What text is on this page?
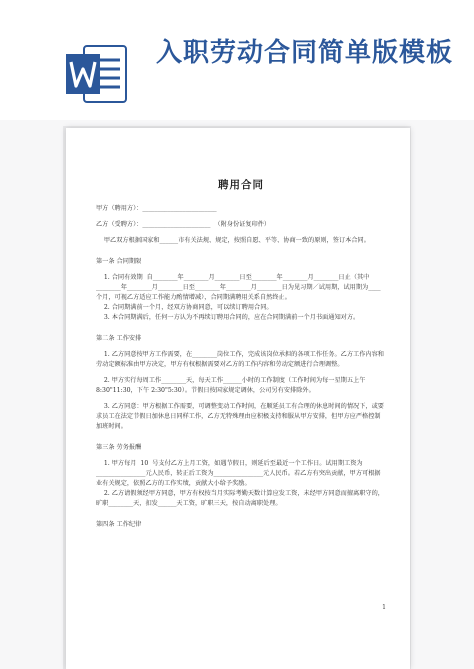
入职劳动合同简单版模板
聘用合同

甲方（聘用方）：________________________

乙方（受聘方）：______________________  （附身份证复印件）

甲乙双方根据国家和______市有关法规、规定，按照自愿、平等、协商一致的原则，签订本合同。

第一条 合同期限

1. 合同有效期  自________年________月________日至________年________月________日止（其中________年________月________日至________年________月________日为见习期／试用期，试用期为____个月，可视乙方适应工作能力酌情增减），合同期满聘用关系自然终止。

2. 合同期满前一个月，经双方协商同意，可以续订聘用合同。

3. 本合同期满后，任何一方认为不再续订聘用合同的，应在合同期满前一个月书面通知对方。

第二条 工作安排

1. 乙方同意按甲方工作需要，在________岗位工作，完成该岗位承担的各项工作任务。乙方工作内容和劳动定额标准由甲方决定，甲方有权根据需要对乙方的工作内容和劳动定额进行合理调整。

2. 甲方实行每周工作________天，每天工作______小时的工作制度（工作时间为每一星期五上午 8:30"11:30，下午 2:30"5:30）。节假日按国家规定调休，公司另有安排除外。

3. 乙方同意：甲方根据工作需要，可调整变动工作时间，在顺延员工有合理的休息时间的情况下，或要求员工在法定节假日加休息日同样工作，乙方无特殊理由应积极支持和服从甲方安排，但甲方应严格控制加班时间。

第三条 劳务报酬

1. 甲方每月  10  号支付乙方上月工资，如遇节假日，则延后至最近一个工作日。试用期工资为________________元人民币，转正后工资为________________元人民币。若乙方有突出贡献，甲方可根据业有关规定，依照乙方的工作实绩，贡献大小给予奖励。

2. 乙方请假须经甲方同意，甲方有权按当月实际考勤天数计算应发工资，未经甲方同意而擅离职守的，旷职________天，扣发______天工资，旷职三天，按自动离职处理。

第四条 工作纪律

1
